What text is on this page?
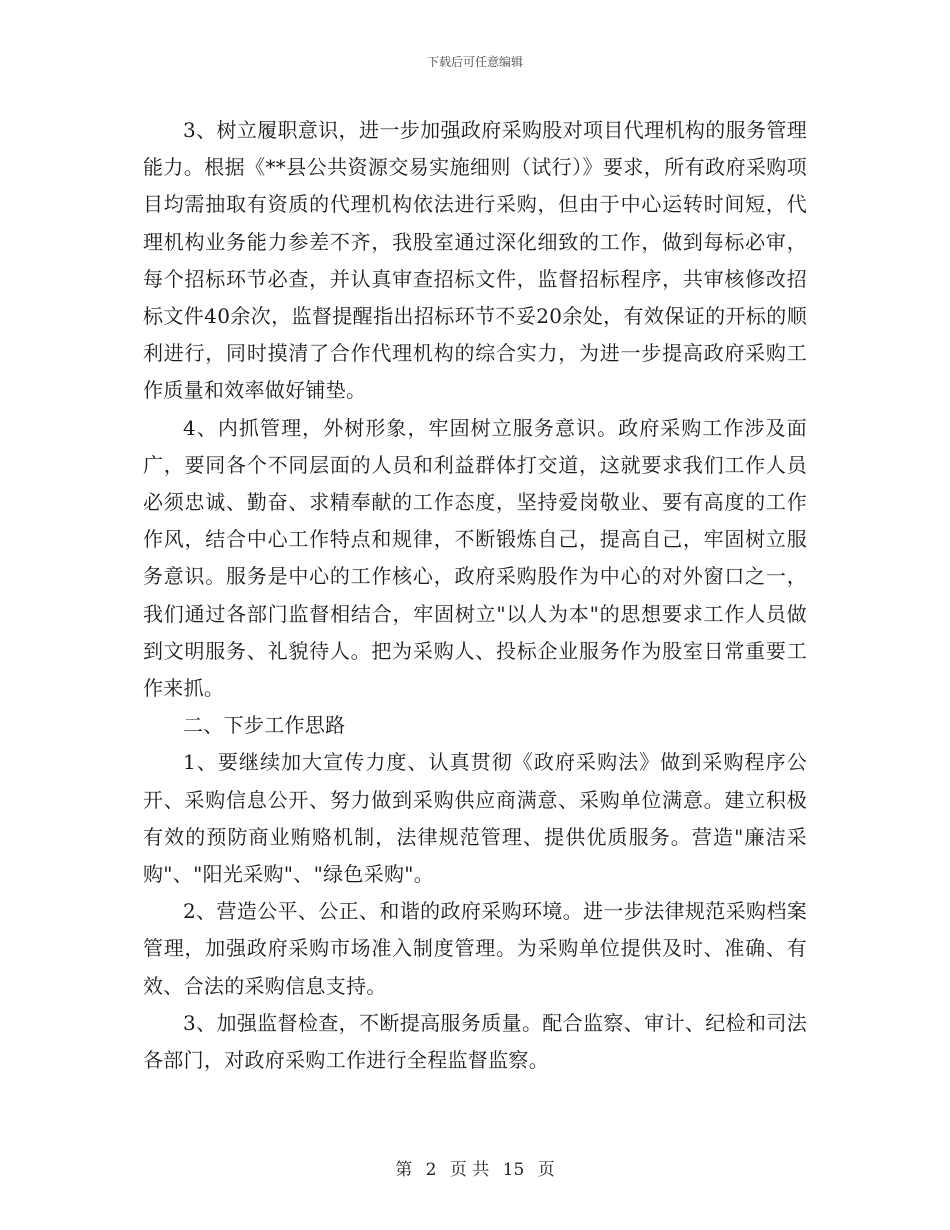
下载后可任意编辑

3、树立履职意识，进一步加强政府采购股对项目代理机构的服务管理能力。根据《**县公共资源交易实施细则（试行）》要求，所有政府采购项目均需抽取有资质的代理机构依法进行采购，但由于中心运转时间短，代理机构业务能力参差不齐，我股室通过深化细致的工作，做到每标必审，每个招标环节必查，并认真审查招标文件，监督招标程序，共审核修改招标文件40余次，监督提醒指出招标环节不妥20余处，有效保证的开标的顺利进行，同时摸清了合作代理机构的综合实力，为进一步提高政府采购工作质量和效率做好铺垫。

4、内抓管理，外树形象，牢固树立服务意识。政府采购工作涉及面广，要同各个不同层面的人员和利益群体打交道，这就要求我们工作人员必须忠诚、勤奋、求精奉献的工作态度，坚持爱岗敬业、要有高度的工作作风，结合中心工作特点和规律，不断锻炼自己，提高自己，牢固树立服务意识。服务是中心的工作核心，政府采购股作为中心的对外窗口之一，我们通过各部门监督相结合，牢固树立"以人为本"的思想要求工作人员做到文明服务、礼貌待人。把为采购人、投标企业服务作为股室日常重要工作来抓。

二、下步工作思路

1、要继续加大宣传力度、认真贯彻《政府采购法》做到采购程序公开、采购信息公开、努力做到采购供应商满意、采购单位满意。建立积极有效的预防商业贿赂机制，法律规范管理、提供优质服务。营造"廉洁采购"、"阳光采购"、"绿色采购"。

2、营造公平、公正、和谐的政府采购环境。进一步法律规范采购档案管理，加强政府采购市场准入制度管理。为采购单位提供及时、准确、有效、合法的采购信息支持。

3、加强监督检查，不断提高服务质量。配合监察、审计、纪检和司法各部门，对政府采购工作进行全程监督监察。

第 2 页 共 15 页
